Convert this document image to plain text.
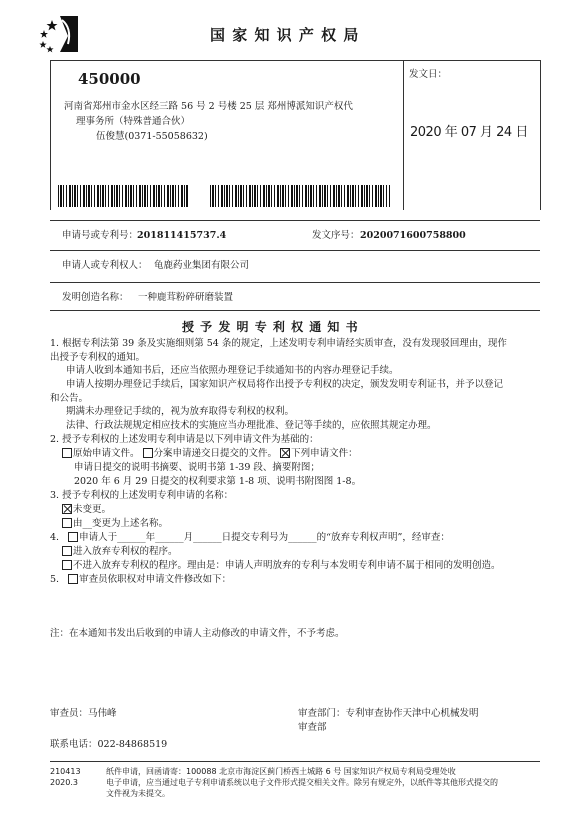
国 家 知 识 产 权 局
450000
河南省郑州市金水区经三路 56 号 2 号楼 25 层 郑州博派知识产权代
理事务所（特殊普通合伙）
伍俊慧(0371-55058632)
发文日：
2020 年 07 月 24 日
申请号或专利号：
201811415737.4	发文序号： 2020071600758800
申请人或专利权人： 龟鹿药业集团有限公司
发明创造名称： 一种鹿茸粉碎研磨装置
授 予 发 明 专 利 权 通 知 书
1. 根据专利法第 39 条及实施细则第 54 条的规定，上述发明专利申请经实质审查，没有发现驳回理由，现作
出授予专利权的通知。
申请人收到本通知书后，还应当依照办理登记手续通知书的内容办理登记手续。
申请人按期办理登记手续后，国家知识产权局将作出授予专利权的决定，颁发发明专利证书，并予以登记
和公告。
期满未办理登记手续的，视为放弃取得专利权的权利。
法律、行政法规规定相应技术的实施应当办理批准、登记等手续的，应依照其规定办理。
2. 授予专利权的上述发明专利申请是以下列申请文件为基础的：
原始申请文件。 分案申请递交日提交的文件。 下列申请文件：
申请日提交的说明书摘要、说明书第 1-39 段、摘要附图；
2020 年 6 月 29 日提交的权利要求第 1-8 项、说明书附图图 1-8。
3. 授予专利权的上述发明专利申请的名称：
未变更。
由__变更为上述名称。
4. 申请人于______年______月______日提交专利号为______的“放弃专利权声明”，经审查：
进入放弃专利权的程序。
不进入放弃专利权的程序。理由是：申请人声明放弃的专利与本发明专利申请不属于相同的发明创造。
5. 审查员依职权对申请文件修改如下：
注：在本通知书发出后收到的申请人主动修改的申请文件，不予考虑。
审查员：马伟峰	审查部门：专利审查协作天津中心机械发明
审查部
联系电话：022-84868519
210413
2020.3
纸件申请，回函请寄：100088 北京市海淀区蓟门桥西土城路 6 号 国家知识产权局专利局受理处收
电子申请，应当通过电子专利申请系统以电子文件形式提交相关文件。除另有规定外，以纸件等其他形式提交的
文件视为未提交。
